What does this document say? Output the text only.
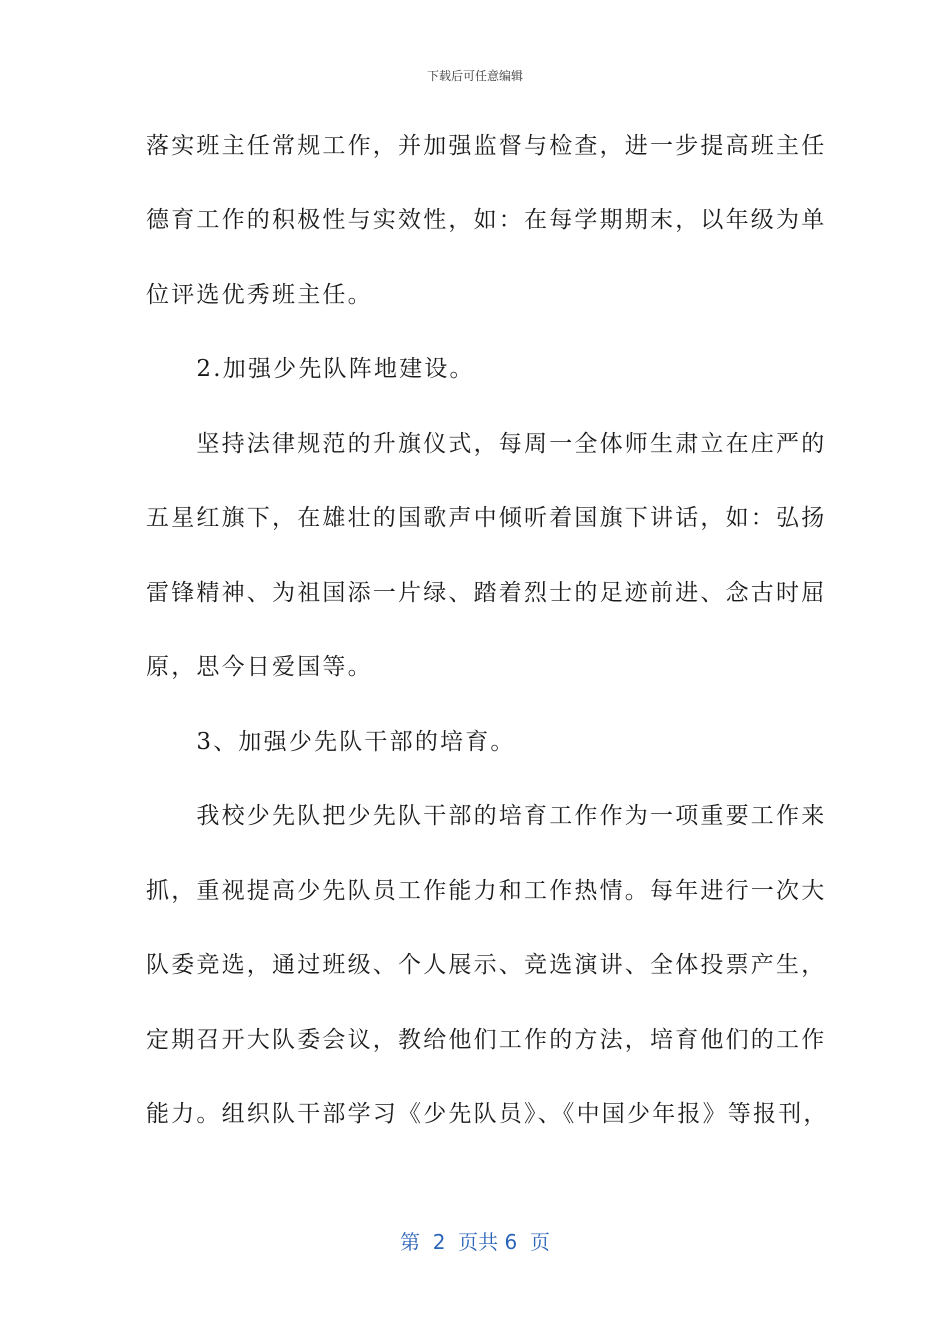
下载后可任意编辑
落实班主任常规工作，并加强监督与检查，进一步提高班主任
德育工作的积极性与实效性，如：在每学期期末，以年级为单
位评选优秀班主任。
　　2.加强少先队阵地建设。
　　坚持法律规范的升旗仪式，每周一全体师生肃立在庄严的
五星红旗下，在雄壮的国歌声中倾听着国旗下讲话，如：弘扬
雷锋精神、为祖国添一片绿、踏着烈士的足迹前进、念古时屈
原，思今日爱国等。
　　3、加强少先队干部的培育。
　　我校少先队把少先队干部的培育工作作为一项重要工作来
抓，重视提高少先队员工作能力和工作热情。每年进行一次大
队委竞选，通过班级、个人展示、竞选演讲、全体投票产生，
定期召开大队委会议，教给他们工作的方法，培育他们的工作
能力。组织队干部学习《少先队员》、《中国少年报》等报刊，
第  2  页共 6  页
